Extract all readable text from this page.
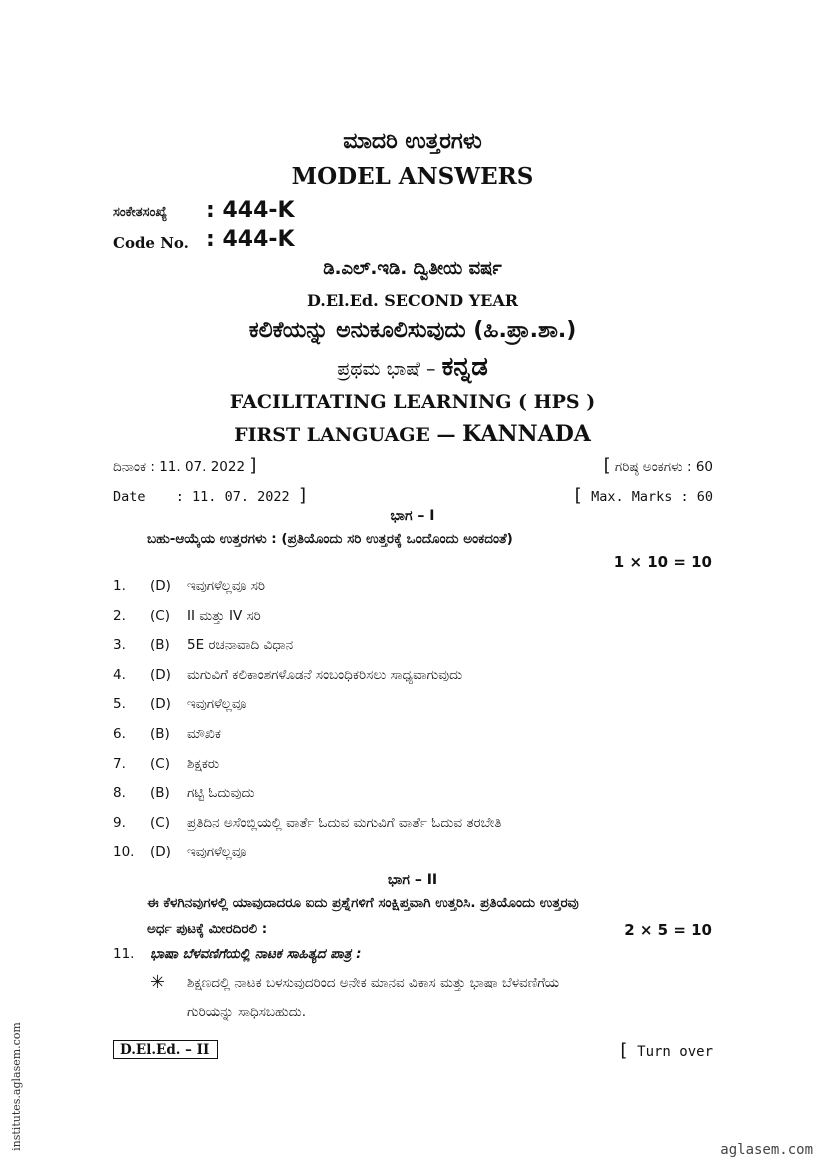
ಮಾದರಿ ಉತ್ತರಗಳು
MODEL ANSWERS
ಸಂಕೇತಸಂಖ್ಯೆ
Code No.
: 444-K
: 444-K
ಡಿ.ಎಲ್.ಇಡಿ. ದ್ವಿತೀಯ ವರ್ಷ
D.El.Ed. SECOND YEAR
ಕಲಿಕೆಯನ್ನು ಅನುಕೂಲಿಸುವುದು (ಹಿ.ಪ್ರಾ.ಶಾ.)
ಪ್ರಥಮ ಭಾಷೆ – ಕನ್ನಡ
FACILITATING LEARNING ( HPS )
FIRST LANGUAGE — KANNADA
ದಿನಾಂಕ : 11. 07. 2022 ]	[ ಗರಿಷ್ಠ ಅಂಕಗಳು : 60
Date : 11. 07. 2022 ]	[ Max. Marks : 60
ಭಾಗ – I
ಬಹು-ಆಯ್ಕೆಯ ಉತ್ತರಗಳು : (ಪ್ರತಿಯೊಂದು ಸರಿ ಉತ್ತರಕ್ಕೆ ಒಂದೊಂದು ಅಂಕದಂತೆ)
1 × 10 = 10
1. (D) ಇವುಗಳೆಲ್ಲವೂ ಸರಿ
2. (C) II ಮತ್ತು IV ಸರಿ
3. (B) 5E ರಚನಾವಾದಿ ವಿಧಾನ
4. (D) ಮಗುವಿಗೆ ಕಲಿಕಾಂಶಗಳೊಡನೆ ಸಂಬಂಧಿಕರಿಸಲು ಸಾಧ್ಯವಾಗುವುದು
5. (D) ಇವುಗಳೆಲ್ಲವೂ
6. (B) ಮೌಖಿಕ
7. (C) ಶಿಕ್ಷಕರು
8. (B) ಗಟ್ಟಿ ಓದುವುದು
9. (C) ಪ್ರತಿದಿನ ಅಸೆಂಬ್ಲಿಯಲ್ಲಿ ವಾರ್ತೆ ಓದುವ ಮಗುವಿಗೆ ವಾರ್ತೆ ಓದುವ ತರಬೇತಿ
10. (D) ಇವುಗಳೆಲ್ಲವೂ
ಭಾಗ – II
ಈ ಕೆಳಗಿನವುಗಳಲ್ಲಿ ಯಾವುದಾದರೂ ಐದು ಪ್ರಶ್ನೆಗಳಿಗೆ ಸಂಕ್ಷಿಪ್ತವಾಗಿ ಉತ್ತರಿಸಿ. ಪ್ರತಿಯೊಂದು ಉತ್ತರವು
ಅರ್ಧ ಪುಟಕ್ಕೆ ಮೀರದಿರಲಿ :	2 × 5 = 10
11. ಭಾಷಾ ಬೆಳವಣಿಗೆಯಲ್ಲಿ ನಾಟಕ ಸಾಹಿತ್ಯದ ಪಾತ್ರ :
✳ ಶಿಕ್ಷಣದಲ್ಲಿ ನಾಟಕ ಬಳಸುವುದರಿಂದ ಅನೇಕ ಮಾನವ ವಿಕಾಸ ಮತ್ತು ಭಾಷಾ ಬೆಳವಣಿಗೆಯ
ಗುರಿಯನ್ನು ಸಾಧಿಸಬಹುದು.
D.El.Ed. – II	[ Turn over
institutes.aglasem.com	aglasem.com
